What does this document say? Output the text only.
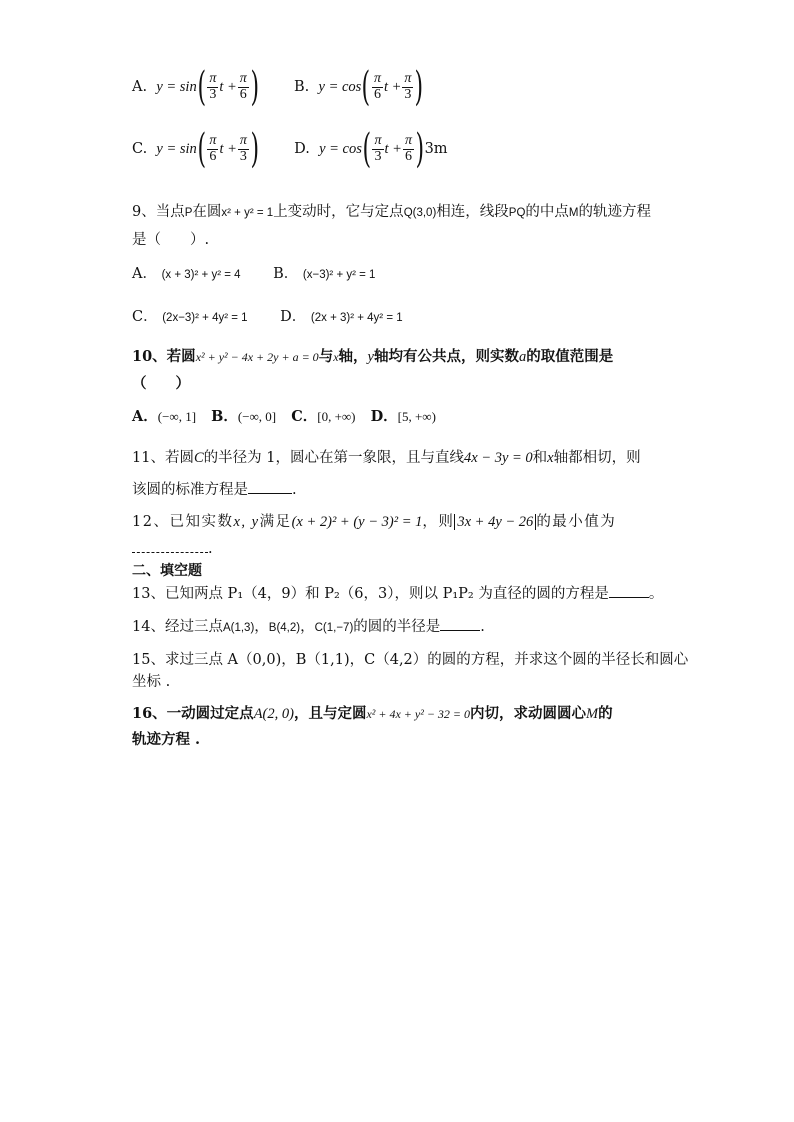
A. $y = \sin( \frac{\pi}{3}$ $t + \frac{\pi}{6}$ ) B. $y = \cos( \frac{\pi}{6}$ $t + \frac{\pi}{3}$ )
C. $y = \sin( \frac{\pi}{6}$ $t + \frac{\pi}{3}$ ) D. $y = \cos( \frac{\pi}{3}$ $t + \frac{\pi}{6} )3m$
9、当点P在圆x² + y² = 1上变动时，它与定点Q(3,0)相连，线段PQ的中点M的轨迹方程
是（　　）.
A． (x + 3)² + y² = 4 B． (x−3)² + y² = 1
C． (2x−3)² + 4y² = 1 D． (2x + 3)² + 4y² = 1
10、若圆x² + y² − 4x + 2y + a = 0与x轴，y轴均有公共点，则实数a的取值范围是
（　　）
A．(−∞, 1] B．(−∞, 0] C．[0, +∞) D．[5, +∞)
11、若圆C的半径为 1，圆心在第一象限，且与直线4x − 3y = 0和x轴都相切，则
该圆的标准方程是	.
12、已知实数x, y满足(x + 2)² + (y − 3)² = 1，则 3x + 4y − 26 的最小值为
.
二、填空题
13、已知两点 P₁（4，9）和 P₂（6，3），则以 P₁P₂ 为直径的圆的方程是	。
14、经过三点A(1,3)，B(4,2)，C(1,−7)的圆的半径是	.
15、求过三点 A（0,0)，B（1,1)，C（4,2）的圆的方程，并求这个圆的半径长和圆心
坐标 .
16、一动圆过定点A(2, 0)，且与定圆x² + 4x + y² − 32 = 0内切，求动圆圆心M的
轨迹方程 .
